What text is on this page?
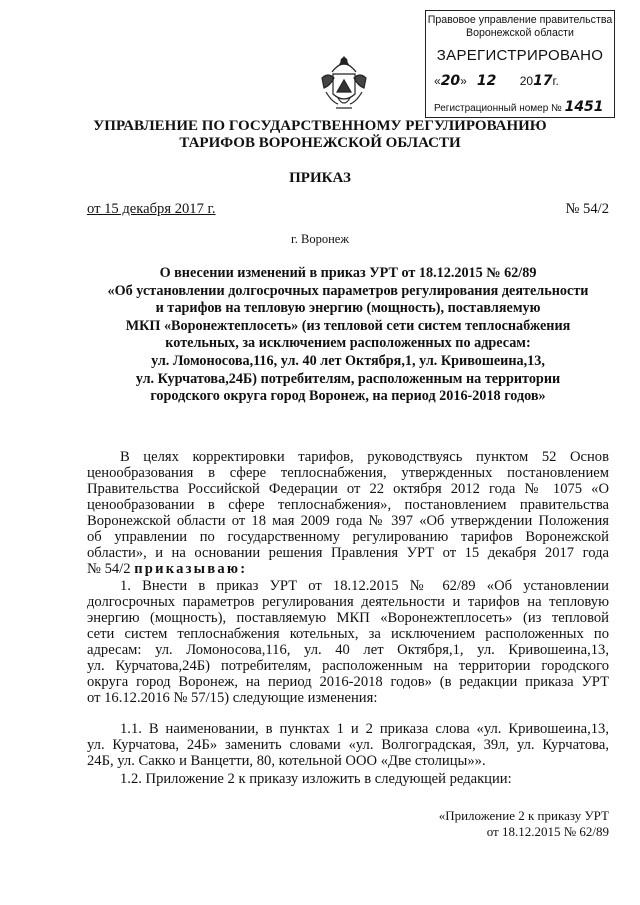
Правовое управление правительства
Воронежской области
ЗАРЕГИСТРИРОВАНО
«20» 12 2017г.
Регистрационный номер № 1451
УПРАВЛЕНИЕ ПО ГОСУДАРСТВЕННОМУ РЕГУЛИРОВАНИЮ
ТАРИФОВ ВОРОНЕЖСКОЙ ОБЛАСТИ
ПРИКАЗ
от 15 декабря 2017 г.	№ 54/2
г. Воронеж
О внесении изменений в приказ УРТ от 18.12.2015 № 62/89
«Об установлении долгосрочных параметров регулирования деятельности
и тарифов на тепловую энергию (мощность), поставляемую
МКП «Воронежтеплосеть» (из тепловой сети систем теплоснабжения
котельных, за исключением расположенных по адресам:
ул. Ломоносова,116, ул. 40 лет Октября,1, ул. Кривошеина,13,
ул. Курчатова,24Б) потребителям, расположенным на территории
городского округа город Воронеж, на период 2016-2018 годов»
В целях корректировки тарифов, руководствуясь пунктом 52 Основ
ценообразования в сфере теплоснабжения, утвержденных постановлением
Правительства Российской Федерации от 22 октября 2012 года № 1075 «О
ценообразовании в сфере теплоснабжения», постановлением правительства
Воронежской области от 18 мая 2009 года № 397 «Об утверждении Положения
об управлении по государственному регулированию тарифов Воронежской
области», и на основании решения Правления УРТ от 15 декабря 2017 года
№ 54/2 приказываю:
1. Внести в приказ УРТ от 18.12.2015 № 62/89 «Об установлении
долгосрочных параметров регулирования деятельности и тарифов на тепловую
энергию (мощность), поставляемую МКП «Воронежтеплосеть» (из тепловой
сети систем теплоснабжения котельных, за исключением расположенных по
адресам: ул. Ломоносова,116, ул. 40 лет Октября,1, ул. Кривошеина,13,
ул. Курчатова,24Б) потребителям, расположенным на территории городского
округа город Воронеж, на период 2016-2018 годов» (в редакции приказа УРТ
от 16.12.2016 № 57/15) следующие изменения:
1.1. В наименовании, в пунктах 1 и 2 приказа слова «ул. Кривошеина,13,
ул. Курчатова, 24Б» заменить словами «ул. Волгоградская, 39л, ул. Курчатова,
24Б, ул. Сакко и Ванцетти, 80, котельной ООО «Две столицы»».
1.2. Приложение 2 к приказу изложить в следующей редакции:
«Приложение 2 к приказу УРТ
от 18.12.2015 № 62/89
